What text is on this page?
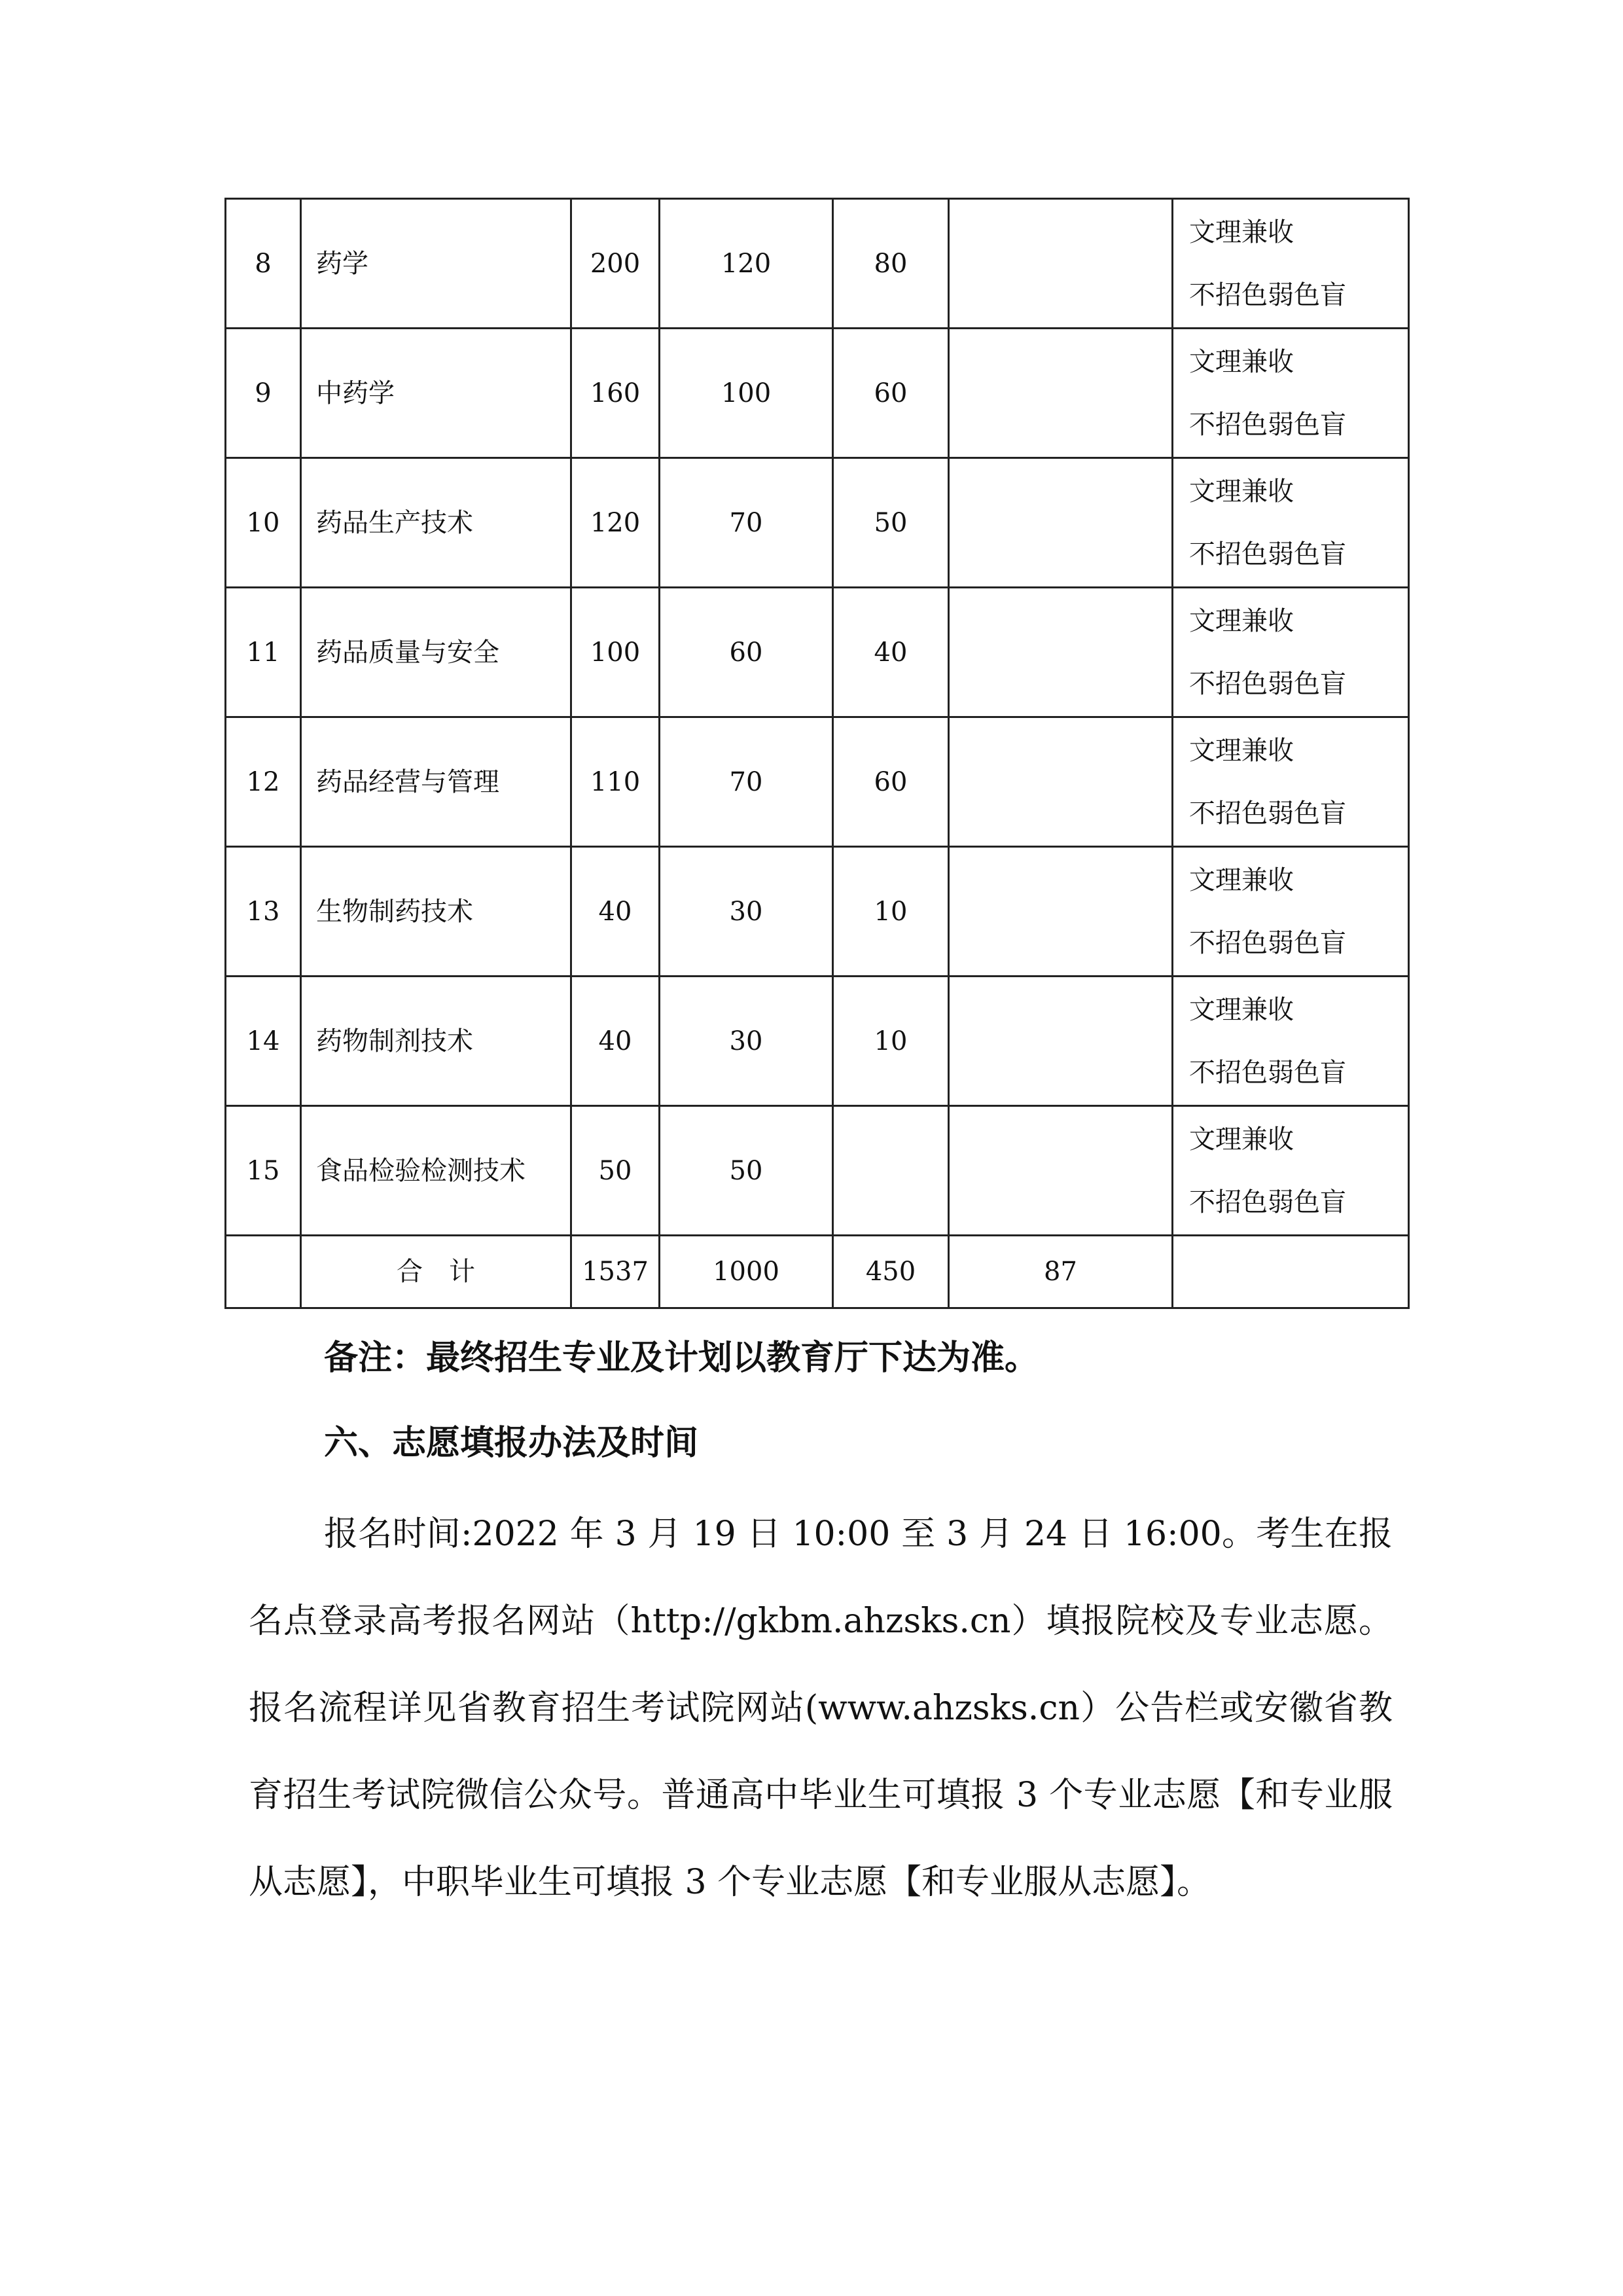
8	药学	200	120	80		文理兼收
不招色弱色盲

9	中药学	160	100	60		文理兼收
不招色弱色盲

10	药品生产技术	120	70	50		文理兼收
不招色弱色盲

11	药品质量与安全	100	60	40		文理兼收
不招色弱色盲

12	药品经营与管理	110	70	60		文理兼收
不招色弱色盲

13	生物制药技术	40	30	10		文理兼收
不招色弱色盲

14	药物制剂技术	40	30	10		文理兼收
不招色弱色盲

15	食品检验检测技术	50	50			文理兼收
不招色弱色盲

	合　计	1537	1000	450	87	

备注：最终招生专业及计划以教育厅下达为准。

六、志愿填报办法及时间

报名时间:2022 年 3 月 19 日 10:00 至 3 月 24 日 16:00。考生在报名点登录高考报名网站（http://gkbm.ahzsks.cn）填报院校及专业志愿。报名流程详见省教育招生考试院网站(www.ahzsks.cn）公告栏或安徽省教育招生考试院微信公众号。普通高中毕业生可填报 3 个专业志愿【和专业服从志愿】，中职毕业生可填报 3 个专业志愿【和专业服从志愿】。
